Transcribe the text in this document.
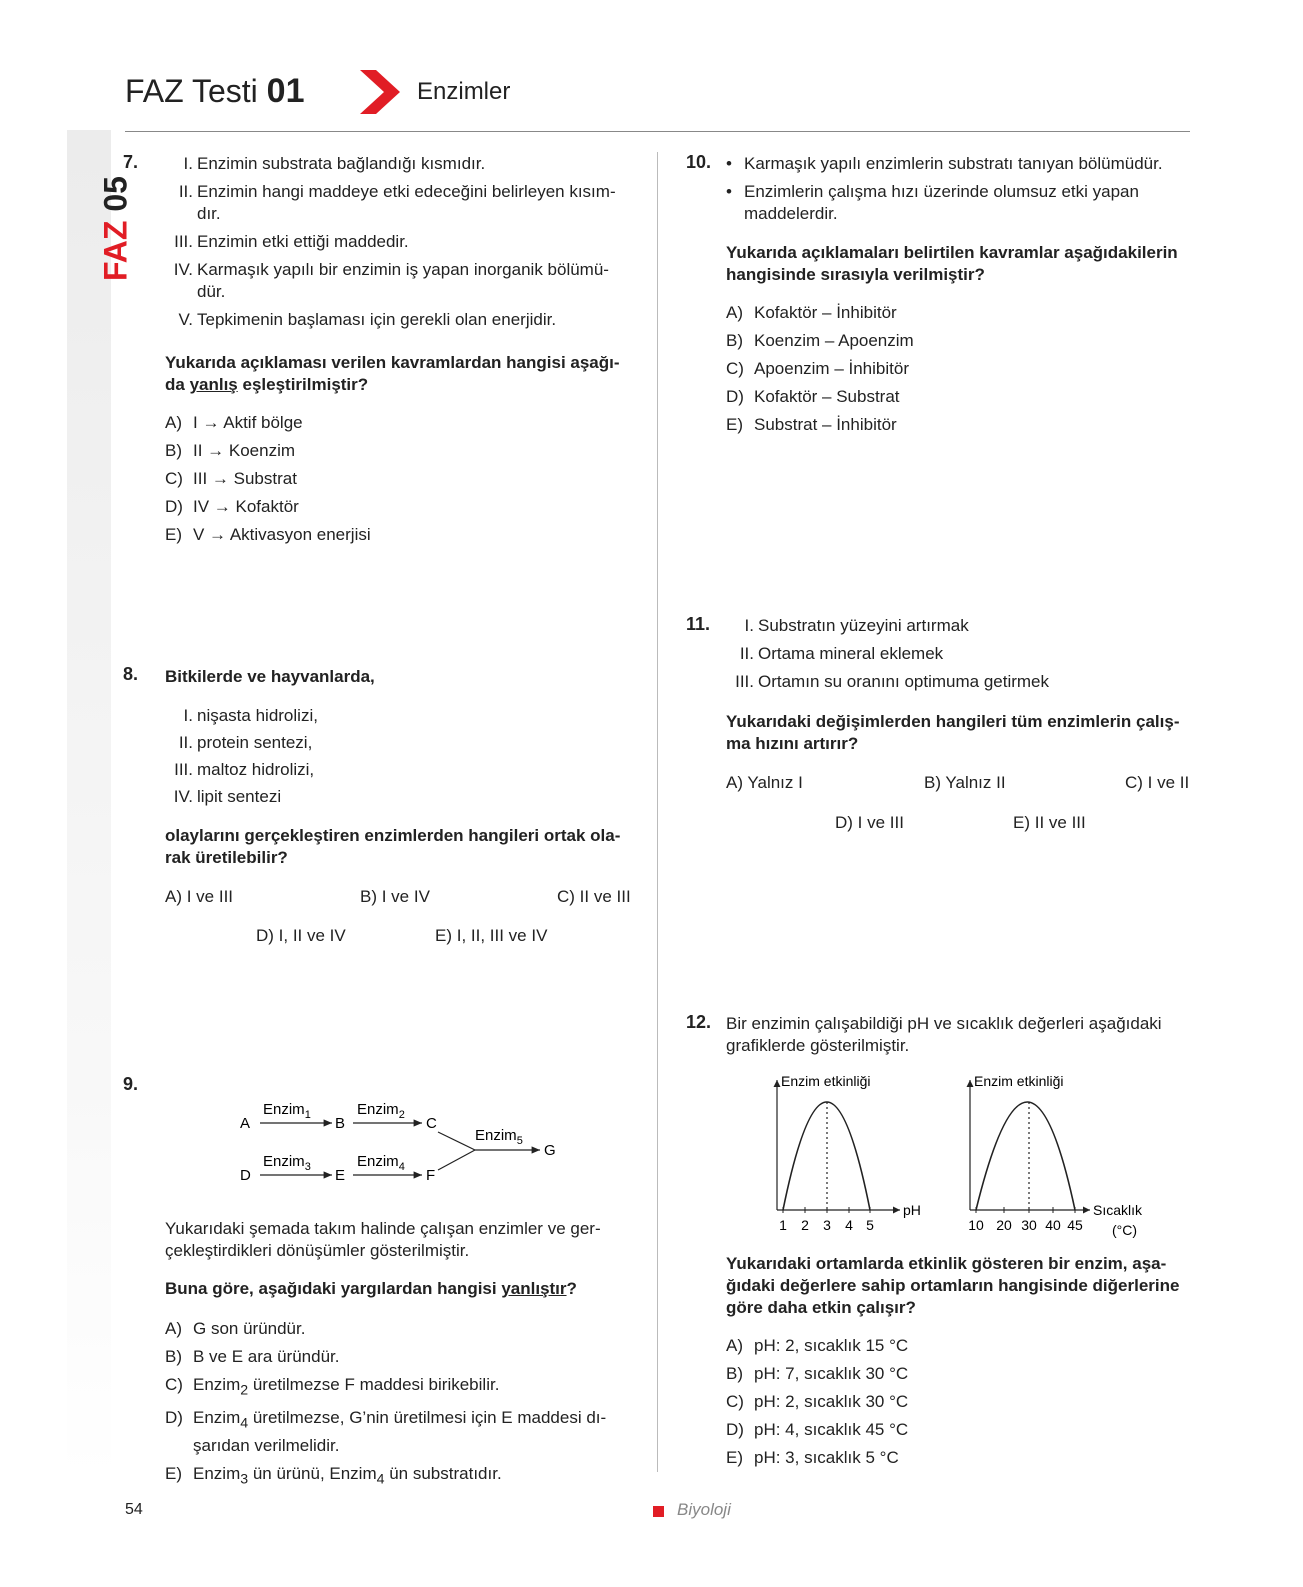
FAZ Testi 01	Enzimler
FAZ 05
7.	I. Enzimin substrata bağlandığı kısmıdır.
II. Enzimin hangi maddeye etki edeceğini belirleyen kısım-
dır.
III. Enzimin etki ettiği maddedir.
IV. Karmaşık yapılı bir enzimin iş yapan inorganik bölümü-
dür.
V. Tepkimenin başlaması için gerekli olan enerjidir.
Yukarıda açıklaması verilen kavramlardan hangisi aşağı-
da yanlış eşleştirilmiştir?
A) I → Aktif bölge
B) II → Koenzim
C) III → Substrat
D) IV → Kofaktör
E) V → Aktivasyon enerjisi
8. Bitkilerde ve hayvanlarda,
I. nişasta hidrolizi,
II. protein sentezi,
III. maltoz hidrolizi,
IV. lipit sentezi
olaylarını gerçekleştiren enzimlerden hangileri ortak ola-
rak üretilebilir?
A) I ve III	B) I ve IV	C) II ve III
D) I, II ve IV	E) I, II, III ve IV
9.
A
Enzim$_1$ B
Enzim$_2$ C
D
Enzim$_3$ E
Enzim$_4$ F
Enzim$_5$
G
Yukarıdaki şemada takım halinde çalışan enzimler ve ger-
çekleştirdikleri dönüşümler gösterilmiştir.
Buna göre, aşağıdaki yargılardan hangisi yanlıştır?
A) G son üründür.
B) B ve E ara üründür.
C) Enzim$_2$ üretilmezse F maddesi birikebilir.
D) Enzim$_4$ üretilmezse, G’nin üretilmesi için E maddesi dı-
şarıdan verilmelidir.
E) Enzim$_3$ ün ürünü, Enzim$_4$ ün substratıdır.
10. • Karmaşık yapılı enzimlerin substratı tanıyan bölümüdür.
• Enzimlerin çalışma hızı üzerinde olumsuz etki yapan
maddelerdir.
Yukarıda açıklamaları belirtilen kavramlar aşağıdakilerin
hangisinde sırasıyla verilmiştir?
A) Kofaktör – İnhibitör
B) Koenzim – Apoenzim
C) Apoenzim – İnhibitör
D) Kofaktör – Substrat
E) Substrat – İnhibitör
11.	I. Substratın yüzeyini artırmak
II. Ortama mineral eklemek
III. Ortamın su oranını optimuma getirmek
Yukarıdaki değişimlerden hangileri tüm enzimlerin çalış-
ma hızını artırır?
A) Yalnız I	B) Yalnız II	C) I ve II
D) I ve III	E) II ve III
12. Bir enzimin çalışabildiği pH ve sıcaklık değerleri aşağıdaki
grafiklerde gösterilmiştir.
Enzim etkinliği
pH
1 2 3 4 5
Enzim etkinliği
Sıcaklık
(°C)
10 20 30 40 45
Yukarıdaki ortamlarda etkinlik gösteren bir enzim, aşa-
ğıdaki değerlere sahip ortamların hangisinde diğerlerine
göre daha etkin çalışır?
A) pH: 2, sıcaklık 15 °C
B) pH: 7, sıcaklık 30 °C
C) pH: 2, sıcaklık 30 °C
D) pH: 4, sıcaklık 45 °C
E) pH: 3, sıcaklık 5 °C
54	Biyoloji
